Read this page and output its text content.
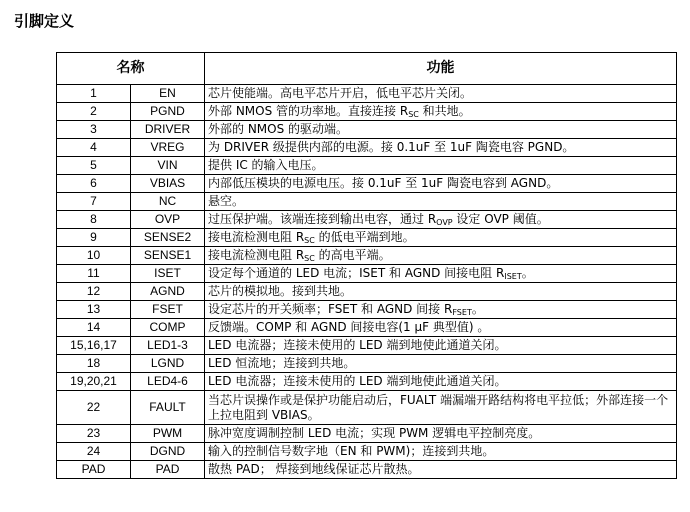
引脚定义
名称		功能
1	EN	芯片使能端。高电平芯片开启，低电平芯片关闭。
2	PGND	外部 NMOS 管的功率地。直接连接 $R_{SC}$ 和共地。
3	DRIVER	外部的 NMOS 的驱动端。
4	VREG	为 DRIVER 级提供内部的电源。接 0.1uF 至 1uF 陶瓷电容 PGND。
5	VIN	提供 IC 的输入电压。
6	VBIAS	内部低压模块的电源电压。接 0.1uF 至 1uF 陶瓷电容到 AGND。
7	NC	悬空。
8	OVP	过压保护端。该端连接到输出电容，通过 $R_{OVP}$ 设定 OVP 阈值。
9	SENSE2	接电流检测电阻 $R_{SC}$ 的低电平端到地。
10	SENSE1	接电流检测电阻 $R_{SC}$ 的高电平端。
11	ISET	设定每个通道的 LED 电流；ISET 和 AGND 间接电阻 $R_{ISET}$。
12	AGND	芯片的模拟地。接到共地。
13	FSET	设定芯片的开关频率；FSET 和 AGND 间接 $R_{FSET}$。
14	COMP	反馈端。COMP 和 AGND 间接电容(1 μF 典型值) 。
15,16,17	LED1-3	LED 电流器；连接未使用的 LED 端到地使此通道关闭。
18	LGND	LED 恒流地；连接到共地。
19,20,21	LED4-6	LED 电流器；连接未使用的 LED 端到地使此通道关闭。
22	FAULT	当芯片误操作或是保护功能启动后，FUALT 端漏端开路结构将电平拉低；外部连接一个上拉电阻到 VBIAS。
23	PWM	脉冲宽度调制控制 LED 电流；实现 PWM 逻辑电平控制亮度。
24	DGND	输入的控制信号数字地（EN 和 PWM)；连接到共地。
PAD	PAD	散热 PAD； 焊接到地线保证芯片散热。
